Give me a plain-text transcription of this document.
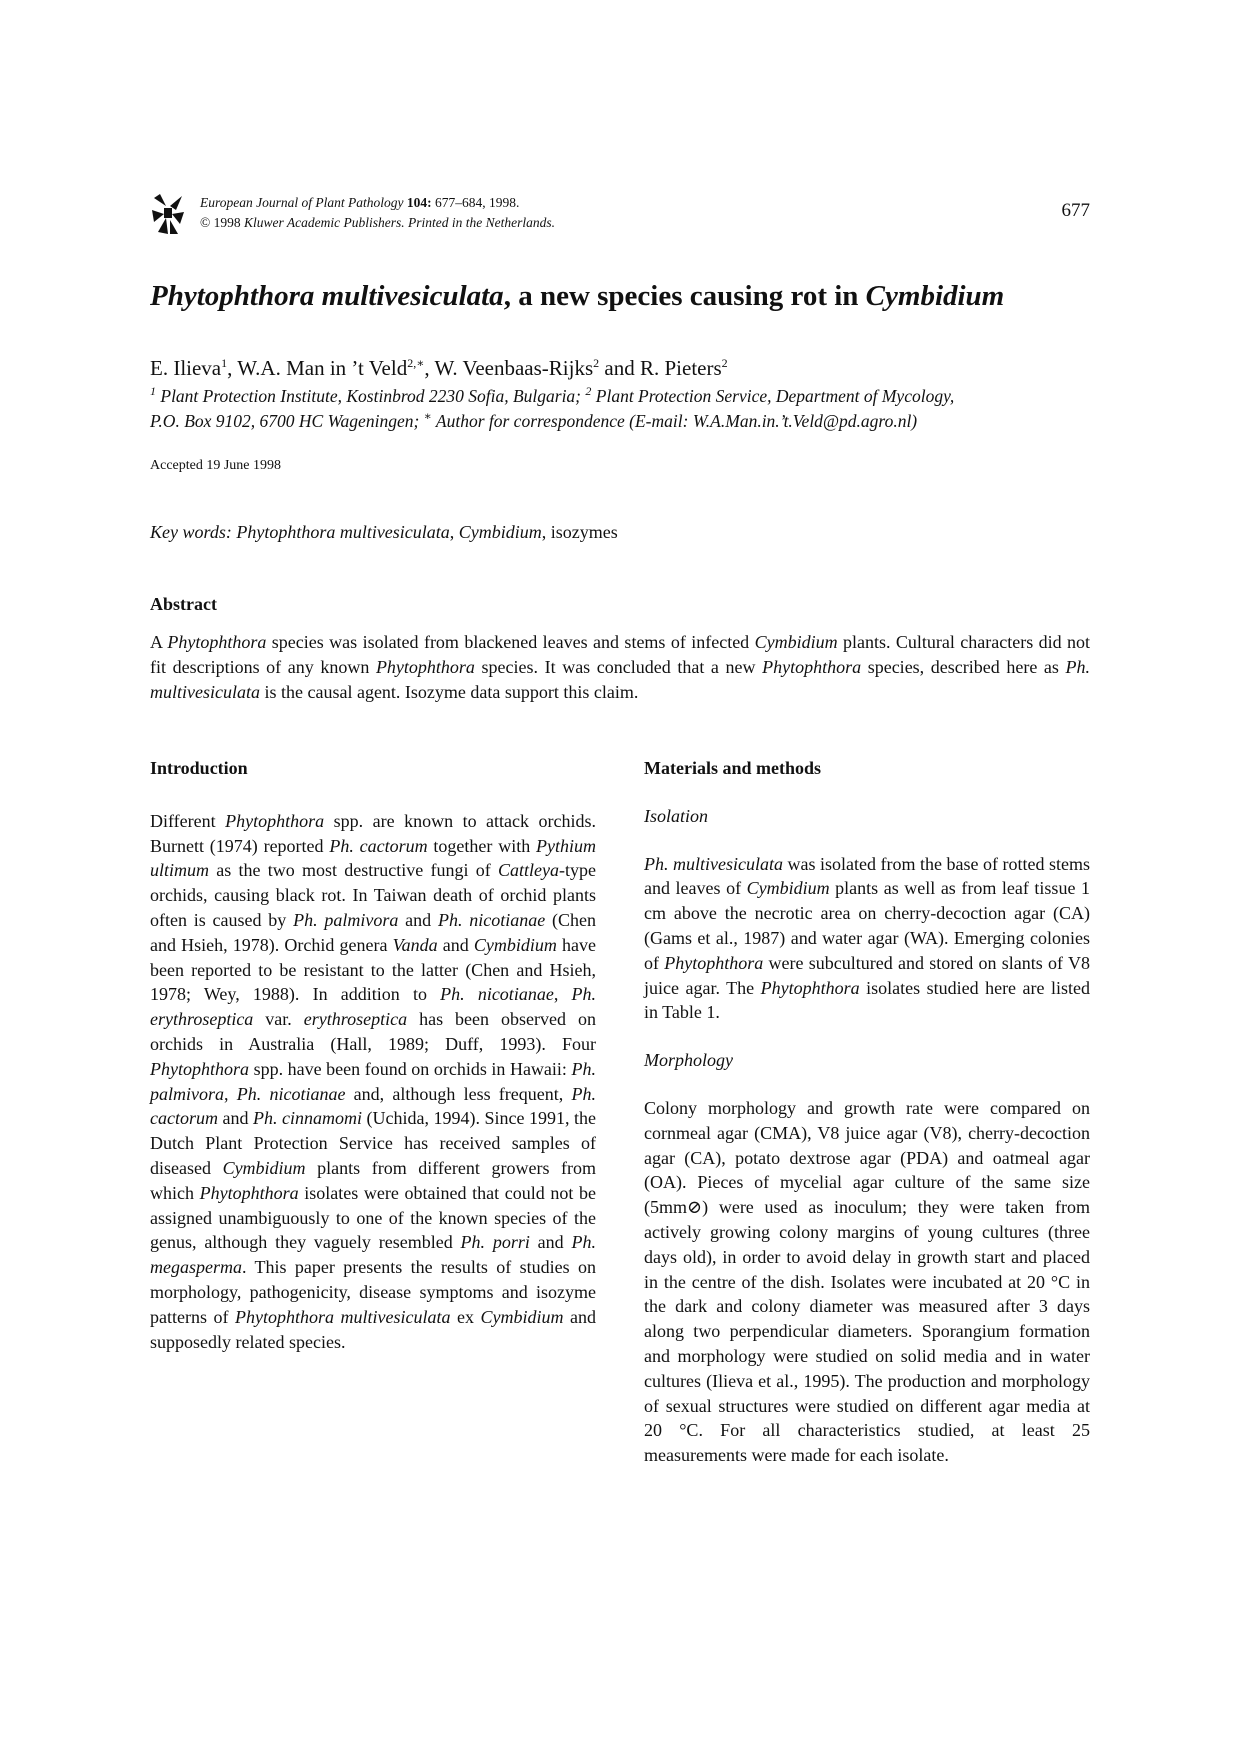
European Journal of Plant Pathology 104: 677–684, 1998.
© 1998 Kluwer Academic Publishers. Printed in the Netherlands.
677
Phytophthora multivesiculata, a new species causing rot in Cymbidium
E. Ilieva$^1$, W.A. Man in ’t Veld$^{2,∗}$, W. Veenbaas-Rijks$^2$ and R. Pieters$^2$
$^1$ Plant Protection Institute, Kostinbrod 2230 Sofia, Bulgaria; $^2$ Plant Protection Service, Department of Mycology,
P.O. Box 9102, 6700 HC Wageningen; ∗ Author for correspondence (E-mail: W.A.Man.in.’t.Veld@pd.agro.nl)
Accepted 19 June 1998
Key words: Phytophthora multivesiculata, Cymbidium, isozymes
Abstract
A Phytophthora species was isolated from blackened leaves and stems of infected Cymbidium plants. Cultural characters did not fit descriptions of any known Phytophthora species. It was concluded that a new Phytophthora species, described here as Ph. multivesiculata is the causal agent. Isozyme data support this claim.
Introduction
Different Phytophthora spp. are known to attack orchids. Burnett (1974) reported Ph. cactorum together with Pythium ultimum as the two most destructive fungi of Cattleya-type orchids, causing black rot. In Taiwan death of orchid plants often is caused by Ph. palmivora and Ph. nicotianae (Chen and Hsieh, 1978). Orchid genera Vanda and Cymbidium have been reported to be resistant to the latter (Chen and Hsieh, 1978; Wey, 1988). In addition to Ph. nicotianae, Ph. erythroseptica var. erythroseptica has been observed on orchids in Australia (Hall, 1989; Duff, 1993). Four Phytophthora spp. have been found on orchids in Hawaii: Ph. palmivora, Ph. nicotianae and, although less frequent, Ph. cactorum and Ph. cinnamomi (Uchida, 1994). Since 1991, the Dutch Plant Protection Service has received samples of diseased Cymbidium plants from different growers from which Phytophthora isolates were obtained that could not be assigned unambiguously to one of the known species of the genus, although they vaguely resembled Ph. porri and Ph. megasperma. This paper presents the results of studies on morphology, pathogenicity, disease symptoms and isozyme patterns of Phytophthora multivesiculata ex Cymbidium and supposedly related species.
Materials and methods
Isolation
Ph. multivesiculata was isolated from the base of rotted stems and leaves of Cymbidium plants as well as from leaf tissue 1 cm above the necrotic area on cherry-decoction agar (CA) (Gams et al., 1987) and water agar (WA). Emerging colonies of Phytophthora were subcultured and stored on slants of V8 juice agar. The Phytophthora isolates studied here are listed in Table 1.
Morphology
Colony morphology and growth rate were compared on cornmeal agar (CMA), V8 juice agar (V8), cherry-decoction agar (CA), potato dextrose agar (PDA) and oatmeal agar (OA). Pieces of mycelial agar culture of the same size (5mm⊘) were used as inoculum; they were taken from actively growing colony margins of young cultures (three days old), in order to avoid delay in growth start and placed in the centre of the dish. Isolates were incubated at 20 °C in the dark and colony diameter was measured after 3 days along two perpendicular diameters. Sporangium formation and morphology were studied on solid media and in water cultures (Ilieva et al., 1995). The production and morphology of sexual structures were studied on different agar media at 20 °C. For all characteristics studied, at least 25 measurements were made for each isolate.
